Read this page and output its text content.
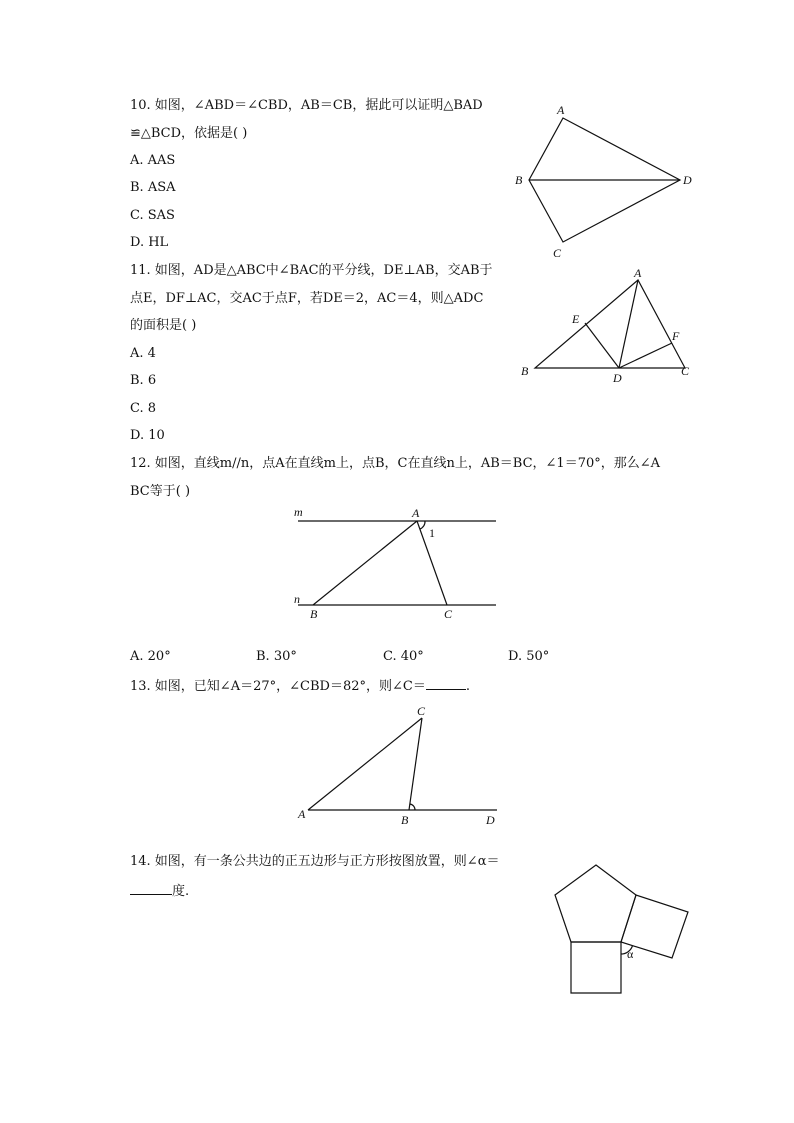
10. 如图，∠ABD＝∠CBD，AB＝CB，据此可以证明△BAD
≌△BCD，依据是( )
A. AAS
B. ASA
C. SAS
D. HL
A
B
C
D
11. 如图，AD是△ABC中∠BAC的平分线，DE⊥AB，交AB于
点E，DF⊥AC，交AC于点F，若DE＝2，AC＝4，则△ADC
的面积是( )
A. 4
B. 6
C. 8
D. 10
A
B	C
D
E
F
12. 如图，直线m//n，点A在直线m上，点B，C在直线n上，AB＝BC，∠1＝70°，那么∠A
BC等于( )
m
n
A
B	C
1
A. 20°	B. 30°	C. 40°	D. 50°
13. 如图，已知∠A＝27°，∠CBD＝82°，则∠C＝	.
A	B
C
D
14. 如图，有一条公共边的正五边形与正方形按图放置，则∠α＝
度.
α
